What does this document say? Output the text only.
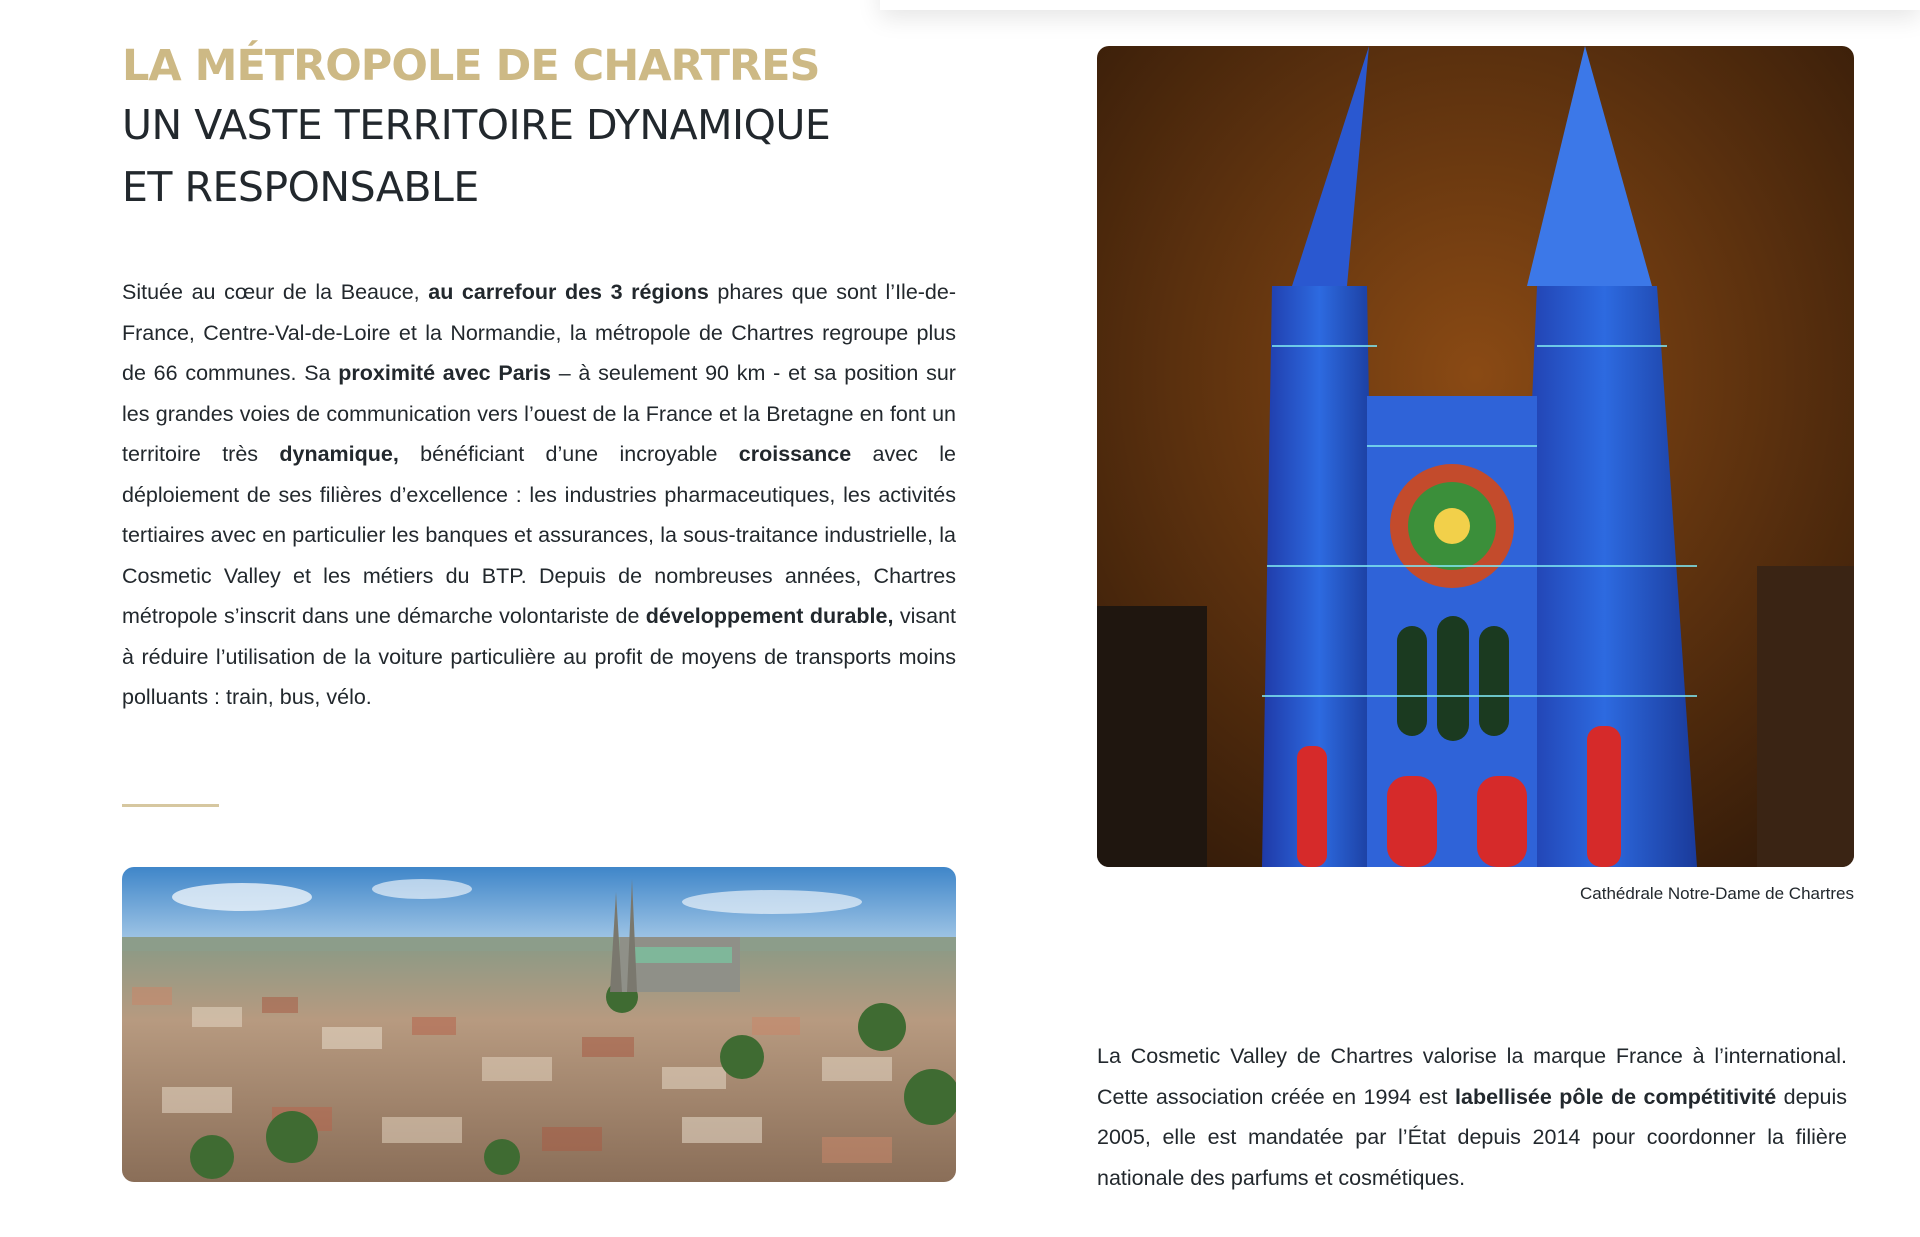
LA MÉTROPOLE DE CHARTRES
UN VASTE TERRITOIRE DYNAMIQUE
ET RESPONSABLE

Située au cœur de la Beauce, au carrefour des 3 régions phares que sont l’Ile-de-France, Centre-Val-de-Loire et la Normandie, la métropole de Chartres regroupe plus de 66 communes. Sa proximité avec Paris – à seulement 90 km - et sa position sur les grandes voies de communication vers l’ouest de la France et la Bretagne en font un territoire très dynamique, bénéficiant d’une incroyable croissance avec le déploiement de ses filières d’excellence : les industries pharmaceutiques, les activités tertiaires avec en particulier les banques et assurances, la sous-traitance industrielle, la Cosmetic Valley et les métiers du BTP. Depuis de nombreuses années, Chartres métropole s’inscrit dans une démarche volontariste de développement durable, visant à réduire l’utilisation de la voiture particulière au profit de moyens de transports moins polluants : train, bus, vélo.

Cathédrale Notre-Dame de Chartres

La Cosmetic Valley de Chartres valorise la marque France à l’international. Cette association créée en 1994 est labellisée pôle de compétitivité depuis 2005, elle est mandatée par l’État depuis 2014 pour coordonner la filière nationale des parfums et cosmétiques.
